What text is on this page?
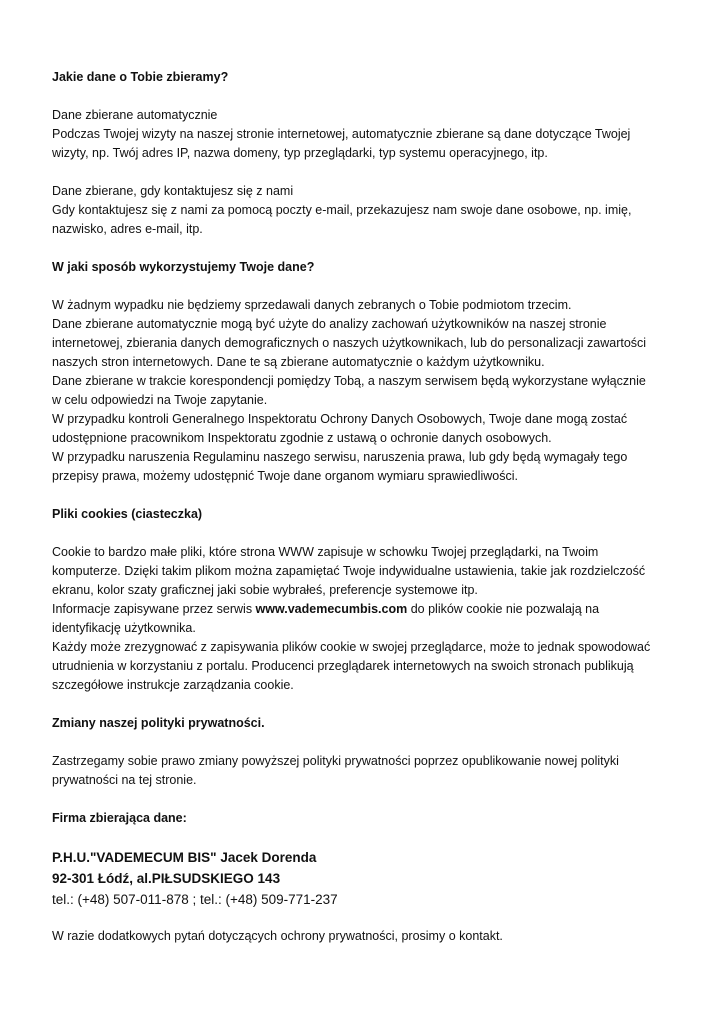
Jakie dane o Tobie zbieramy?

Dane zbierane automatycznie
Podczas Twojej wizyty na naszej stronie internetowej, automatycznie zbierane są dane dotyczące Twojej
wizyty, np. Twój adres IP, nazwa domeny, typ przeglądarki, typ systemu operacyjnego, itp.
Dane zbierane, gdy kontaktujesz się z nami
Gdy kontaktujesz się z nami za pomocą poczty e-mail, przekazujesz nam swoje dane osobowe, np. imię,
nazwisko, adres e-mail, itp.

W jaki sposób wykorzystujemy Twoje dane?

W żadnym wypadku nie będziemy sprzedawali danych zebranych o Tobie podmiotom trzecim.
Dane zbierane automatycznie mogą być użyte do analizy zachowań użytkowników na naszej stronie
internetowej, zbierania danych demograficznych o naszych użytkownikach, lub do personalizacji zawartości
naszych stron internetowych. Dane te są zbierane automatycznie o każdym użytkowniku.
Dane zbierane w trakcie korespondencji pomiędzy Tobą, a naszym serwisem będą wykorzystane wyłącznie
w celu odpowiedzi na Twoje zapytanie.
W przypadku kontroli Generalnego Inspektoratu Ochrony Danych Osobowych, Twoje dane mogą zostać
udostępnione pracownikom Inspektoratu zgodnie z ustawą o ochronie danych osobowych.
W przypadku naruszenia Regulaminu naszego serwisu, naruszenia prawa, lub gdy będą wymagały tego
przepisy prawa, możemy udostępnić Twoje dane organom wymiaru sprawiedliwości.

Pliki cookies (ciasteczka)

Cookie to bardzo małe pliki, które strona WWW zapisuje w schowku Twojej przeglądarki, na Twoim
komputerze. Dzięki takim plikom można zapamiętać Twoje indywidualne ustawienia, takie jak rozdzielczość
ekranu, kolor szaty graficznej jaki sobie wybrałeś, preferencje systemowe itp.
Informacje zapisywane przez serwis www.vademecumbis.com do plików cookie nie pozwalają na
identyfikację użytkownika.
Każdy może zrezygnować z zapisywania plików cookie w swojej przeglądarce, może to jednak spowodować
utrudnienia w korzystaniu z portalu. Producenci przeglądarek internetowych na swoich stronach publikują
szczegółowe instrukcje zarządzania cookie.

Zmiany naszej polityki prywatności.

Zastrzegamy sobie prawo zmiany powyższej polityki prywatności poprzez opublikowanie nowej polityki
prywatności na tej stronie.

Firma zbierająca dane:

P.H.U."VADEMECUM BIS" Jacek Dorenda
92-301 Łódź, al.PIŁSUDSKIEGO 143
tel.: (+48) 507-011-878 ; tel.: (+48) 509-771-237
W razie dodatkowych pytań dotyczących ochrony prywatności, prosimy o kontakt.
